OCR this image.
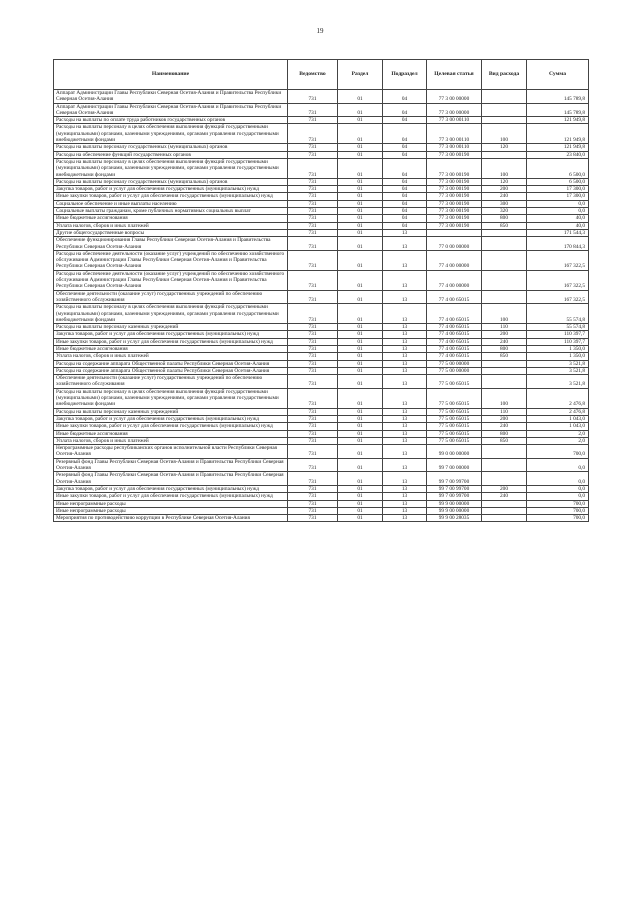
19
Наименование	Ведомство	Раздел	Подраздел	Целевая статья	Вид расхода	Сумма
Аппарат Администрации Главы Республики Северная Осетия-Алания и Правительства Республики Северная Осетия-Алания	731	01	04	77 3 00 00000		145 789,8
Аппарат Администрации Главы Республики Северная Осетия-Алания и Правительства Республики Северная Осетия-Алания	731	01	04	77 3 00 00000		145 789,8
Расходы на выплаты по оплате труда работников государственных органов	731	01	04	77 3 00 00110		121 949,8
Расходы на выплаты персоналу в целях обеспечения выполнения функций государственными (муниципальными) органами, казенными учреждениями, органами управления государственными внебюджетными фондами	731	01	04	77 3 00 00110	100	121 949,8
Расходы на выплаты персоналу государственных (муниципальных) органов	731	01	04	77 3 00 00110	120	121 949,8
Расходы на обеспечение функций государственных органов	731	01	04	77 3 00 00190		23 840,0
Расходы на выплаты персоналу в целях обеспечения выполнения функций государственными (муниципальными) органами, казенными учреждениями, органами управления государственными внебюджетными фондами	731	01	04	77 3 00 00190	100	6 500,0
Расходы на выплаты персоналу государственных (муниципальных) органов	731	01	04	77 3 00 00190	120	6 500,0
Закупка товаров, работ и услуг для обеспечения государственных (муниципальных) нужд	731	01	04	77 3 00 00190	200	17 300,0
Иные закупки товаров, работ и услуг для обеспечения государственных (муниципальных) нужд	731	01	04	77 3 00 00190	240	17 300,0
Социальное обеспечение и иные выплаты населению	731	01	04	77 3 00 00190	300	0,0
Социальные выплаты гражданам, кроме публичных нормативных социальных выплат	731	01	04	77 3 00 00190	320	0,0
Иные бюджетные ассигнования	731	01	04	77 3 00 00190	800	40,0
Уплата налогов, сборов и иных платежей	731	01	04	77 3 00 00190	850	40,0
Другие общегосударственные вопросы	731	01	13			171 544,3
Обеспечение функционирования Главы Республики Северная Осетия-Алания и Правительства Республики Северная Осетия-Алания	731	01	13	77 0 00 00000		170 844,3
Расходы на обеспечение деятельности (оказание услуг) учреждений по обеспечению хозяйственного обслуживания Администрации Главы Республики Северная Осетия-Алания и Правительства Республики Северная Осетия-Алания	731	01	13	77 4 00 00000		167 322,5
Расходы на обеспечение деятельности (оказание услуг) учреждений по обеспечению хозяйственного обслуживания Администрации Главы Республики Северная Осетия-Алания и Правительства Республики Северная Осетия-Алания	731	01	13	77 4 00 00000		167 322,5
Обеспечение деятельности (оказание услуг) государственных учреждений по обеспечению хозяйственного обслуживания	731	01	13	77 4 00 65015		167 322,5
Расходы на выплаты персоналу в целях обеспечения выполнения функций государственными (муниципальными) органами, казенными учреждениями, органами управления государственными внебюджетными фондами	731	01	13	77 4 00 65015	100	55 574,8
Расходы на выплаты персоналу казенных учреждений	731	01	13	77 4 00 65015	110	55 574,8
Закупка товаров, работ и услуг для обеспечения государственных (муниципальных) нужд	731	01	13	77 4 00 65015	200	110 397,7
Иные закупки товаров, работ и услуг для обеспечения государственных (муниципальных) нужд	731	01	13	77 4 00 65015	240	110 397,7
Иные бюджетные ассигнования	731	01	13	77 4 00 65015	800	1 350,0
Уплата налогов, сборов и иных платежей	731	01	13	77 4 00 65015	850	1 350,0
Расходы на содержание аппарата Общественной палаты Республики Северная Осетия-Алания	731	01	13	77 5 00 00000		3 521,8
Расходы на содержание аппарата Общественной палаты Республики Северная Осетия-Алания	731	01	13	77 5 00 00000		3 521,8
Обеспечение деятельности (оказание услуг) государственных учреждений по обеспечению хозяйственного обслуживания	731	01	13	77 5 00 65015		3 521,8
Расходы на выплаты персоналу в целях обеспечения выполнения функций государственными (муниципальными) органами, казенными учреждениями, органами управления государственными внебюджетными фондами	731	01	13	77 5 00 65015	100	2 476,8
Расходы на выплаты персоналу казенных учреждений	731	01	13	77 5 00 65015	110	2 476,8
Закупка товаров, работ и услуг для обеспечения государственных (муниципальных) нужд	731	01	13	77 5 00 65015	200	1 043,0
Иные закупки товаров, работ и услуг для обеспечения государственных (муниципальных) нужд	731	01	13	77 5 00 65015	240	1 043,0
Иные бюджетные ассигнования	731	01	13	77 5 00 65015	800	2,0
Уплата налогов, сборов и иных платежей	731	01	13	77 5 00 65015	850	2,0
Непрограммные расходы республиканских органов исполнительной власти Республики Северная Осетия-Алания	731	01	13	99 0 00 00000		700,0
Резервный фонд Главы Республики Северная Осетия-Алания и Правительства Республики Северная Осетия-Алания	731	01	13	99 7 00 00000		0,0
Резервный фонд Главы Республики Северная Осетия-Алания и Правительства Республики Северная Осетия-Алания	731	01	13	99 7 00 99700		0,0
Закупка товаров, работ и услуг для обеспечения государственных (муниципальных) нужд	731	01	13	99 7 00 99700	200	0,0
Иные закупки товаров, работ и услуг для обеспечения государственных (муниципальных) нужд	731	01	13	99 7 00 99700	240	0,0
Иные непрограммные расходы	731	01	13	99 9 00 00000		700,0
Иные непрограммные расходы	731	01	13	99 9 00 00000		700,0
Мероприятия по противодействию коррупции в Республике Северная Осетия-Алания	731	01	13	99 9 00 28035		700,0
